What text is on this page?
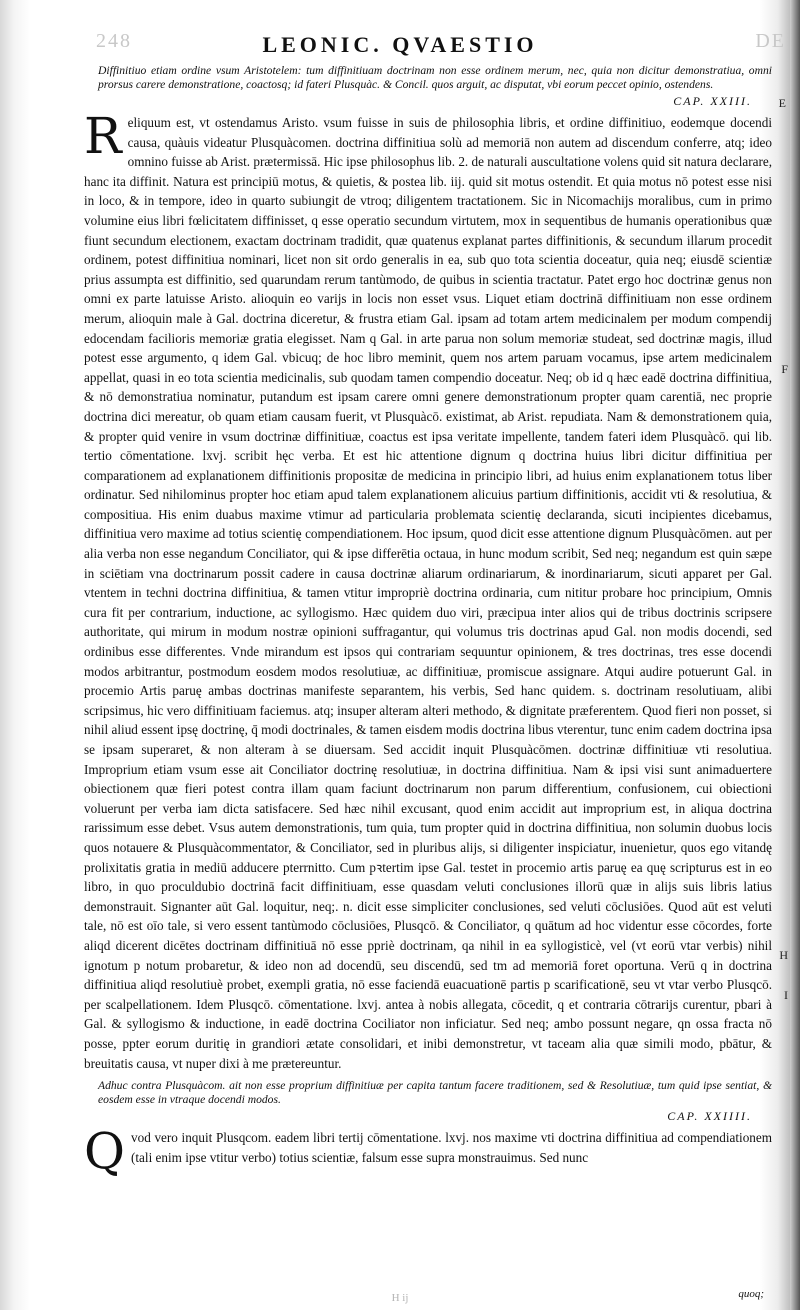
248	DE
LEONIC. QVAESTIO

Diffinitiuo etiam ordine vsum Aristotelem: tum diffinitiuam doctrinam non esse ordinem merum, nec, quia non dicitur demonstratiua, omni prorsus carere demonstratione, coactosq; id fateri Plusquàc. & Concil. quos arguit, ac disputat, vbi eorum peccet opinio, ostendens.

CAP. XXIII.

Reliquum est, vt ostendamus Aristo. vsum fuisse in suis de philosophia libris, et ordine diffinitiuo, eodemque docendi causa, quàuis videatur Plusquàcomen. doctrina diffinitiua solù ad memoriā non autem ad discendum conferre, atq; ideo omnino fuisse ab Arist. prætermissā. Hic ipse philosophus lib. 2. de naturali auscultatione volens quid sit natura declarare, hanc ita diffinit. Natura est principiū motus, & quietis, & postea lib. iij. quid sit motus ostendit. Et quia motus nō potest esse nisi in loco, & in tempore, ideo in quarto subiungit de vtroq; diligentem tractationem. Sic in Nicomachijs moralibus, cum in primo volumine eius libri fœlicitatem diffinisset, q esse operatio secundum virtutem, mox in sequentibus de humanis operationibus quæ fiunt secundum electionem, exactam doctrinam tradidit, quæ quatenus explanat partes diffinitionis, & secundum illarum procedit ordinem, potest diffinitiua nominari, licet non sit ordo generalis in ea, sub quo tota scientia doceatur, quia neq; eiusdē scientiæ prius assumpta est diffinitio, sed quarundam rerum tantùmodo, de quibus in scientia tractatur. Patet ergo hoc doctrinæ genus non omni ex parte latuisse Aristo. alioquin eo varijs in locis non esset vsus. Liquet etiam doctrinā diffinitiuam non esse ordinem merum, alioquin male à Gal. doctrina diceretur, & frustra etiam Gal. ipsam ad totam artem medicinalem per modum compendij edocendam facilioris memoriæ gratia elegisset. Nam q Gal. in arte parua non solum memoriæ studeat, sed doctrinæ magis, illud potest esse argumento, q idem Gal. vbicuq; de hoc libro meminit, quem nos artem paruam vocamus, ipse artem medicinalem appellat, quasi in eo tota scientia medicinalis, sub quodam tamen compendio doceatur. Neq; ob id q hæc eadē doctrina diffinitiua, & nō demonstratiua nominatur, putandum est ipsam carere omni genere demonstrationum propter quam carentiā, nec proprie doctrina dici mereatur, ob quam etiam causam fuerit, vt Plusquàcō. existimat, ab Arist. repudiata. Nam & demonstrationem quia, & propter quid venire in vsum doctrinæ diffinitiuæ, coactus est ipsa veritate impellente, tandem fateri idem Plusquàcō. qui lib. tertio cōmentatione. lxvj. scribit hęc verba. Et est hic attentione dignum q doctrina huius libri dicitur diffinitiua per comparationem ad explanationem diffinitionis propositæ de medicina in principio libri, ad huius enim explanationem totus liber ordinatur. Sed nihilominus propter hoc etiam apud talem explanationem alicuius partium diffinitionis, accidit vti & resolutiua, & compositiua. His enim duabus maxime vtimur ad particularia problemata scientię declaranda, sicuti incipientes dicebamus, diffinitiua vero maxime ad totius scientię compendiationem. Hoc ipsum, quod dicit esse attentione dignum Plusquàcōmen. aut per alia verba non esse negandum Conciliator, qui & ipse differētia octaua, in hunc modum scribit, Sed neq; negandum est quin sæpe in sciētiam vna doctrinarum possit cadere in causa doctrinæ aliarum ordinariarum, & inordinariarum, sicuti apparet per Gal. vtentem in techni doctrina diffinitiua, & tamen vtitur impropriè doctrina ordinaria, cum nititur probare hoc principium, Omnis cura fit per contrarium, inductione, ac syllogismo. Hæc quidem duo viri, præcipua inter alios qui de tribus doctrinis scripsere authoritate, qui mirum in modum nostræ opinioni suffragantur, qui volumus tris doctrinas apud Gal. non modis docendi, sed ordinibus esse differentes. Vnde mirandum est ipsos qui contrariam sequuntur opinionem, & tres doctrinas, tres esse docendi modos arbitrantur, postmodum eosdem modos resolutiuæ, ac diffinitiuæ, promiscue assignare. Atqui audire potuerunt Gal. in procemio Artis paruę ambas doctrinas manifeste separantem, his verbis, Sed hanc quidem. s. doctrinam resolutiuam, alibi scripsimus, hic vero diffinitiuam faciemus. atq; insuper alteram alteri methodo, & dignitate præferentem. Quod fieri non posset, si nihil aliud essent ipsę doctrinę, q̄ modi doctrinales, & tamen eisdem modis doctrina libus vterentur, tunc enim cadem doctrina ipsa se ipsam superaret, & non alteram à se diuersam. Sed accidit inquit Plusquàcōmen. doctrinæ diffinitiuæ vti resolutiua. Improprium etiam vsum esse ait Conciliator doctrinę resolutiuæ, in doctrina diffinitiua. Nam & ipsi visi sunt animaduertere obiectionem quæ fieri potest contra illam quam faciunt doctrinarum non parum differentium, confusionem, cui obiectioni voluerunt per verba iam dicta satisfacere. Sed hæc nihil excusant, quod enim accidit aut improprium est, in aliqua doctrina rarissimum esse debet. Vsus autem demonstrationis, tum quia, tum propter quid in doctrina diffinitiua, non solumin duobus locis quos notauere & Plusquàcommentator, & Conciliator, sed in pluribus alijs, si diligenter inspiciatur, inuenietur, quos ego vitandę prolixitatis gratia in mediū adducere pterrnitto. Cum pꝛtertim ipse Gal. testet in procemio artis paruę ea quę scripturus est in eo libro, in quo proculdubio doctrinā facit diffinitiuam, esse quasdam veluti conclusiones illorū quæ in alijs suis libris latius demonstrauit. Signanter aūt Gal. loquitur, neq;. n. dicit esse simpliciter conclusiones, sed veluti cōclusiōes. Quod aūt est veluti tale, nō est oīo tale, si vero essent tantùmodo cōclusiōes, Plusqcō. & Conciliator, q quātum ad hoc videntur esse cōcordes, forte aliqd dicerent dicētes doctrinam diffinitiuā nō esse ppriè doctrinam, qa nihil in ea syllogisticè, vel (vt eorū vtar verbis) nihil ignotum p notum probaretur, & ideo non ad docendū, seu discendū, sed tm ad memoriā foret oportuna. Verū q in doctrina diffinitiua aliqd resolutiuè probet, exempli gratia, nō esse faciendā euacuationē partis p scarificationē, seu vt vtar verbo Plusqcō. per scalpellationem. Idem Plusqcō. cōmentatione. lxvj. antea à nobis allegata, cōcedit, q et contraria cōtrarijs curentur, pbari à Gal. & syllogismo & inductione, in eadē doctrina Cociliator non inficiatur. Sed neq; ambo possunt negare, qn ossa fracta nō posse, ppter eorum duritię in grandiori ætate consolidari, et inibi demonstretur, vt taceam alia quæ simili modo, pbātur, & breuitatis causa, vt nuper dixi à me prætereuntur.

Adhuc contra Plusquàcom. ait non esse proprium diffinitiuæ per capita tantum facere traditionem, sed & Resolutiuæ, tum quid ipse sentiat, & eosdem esse in vtraque docendi modos.

CAP. XXIIII.

Qvod vero inquit Plusqcom. eadem libri tertij cōmentatione. lxvj. nos maxime vti doctrina diffinitiua ad compendiationem (tali enim ipse vtitur verbo) totius scientiæ, falsum esse supra monstrauimus. Sed nunc

E
F
H
I
quoq;
H ij
